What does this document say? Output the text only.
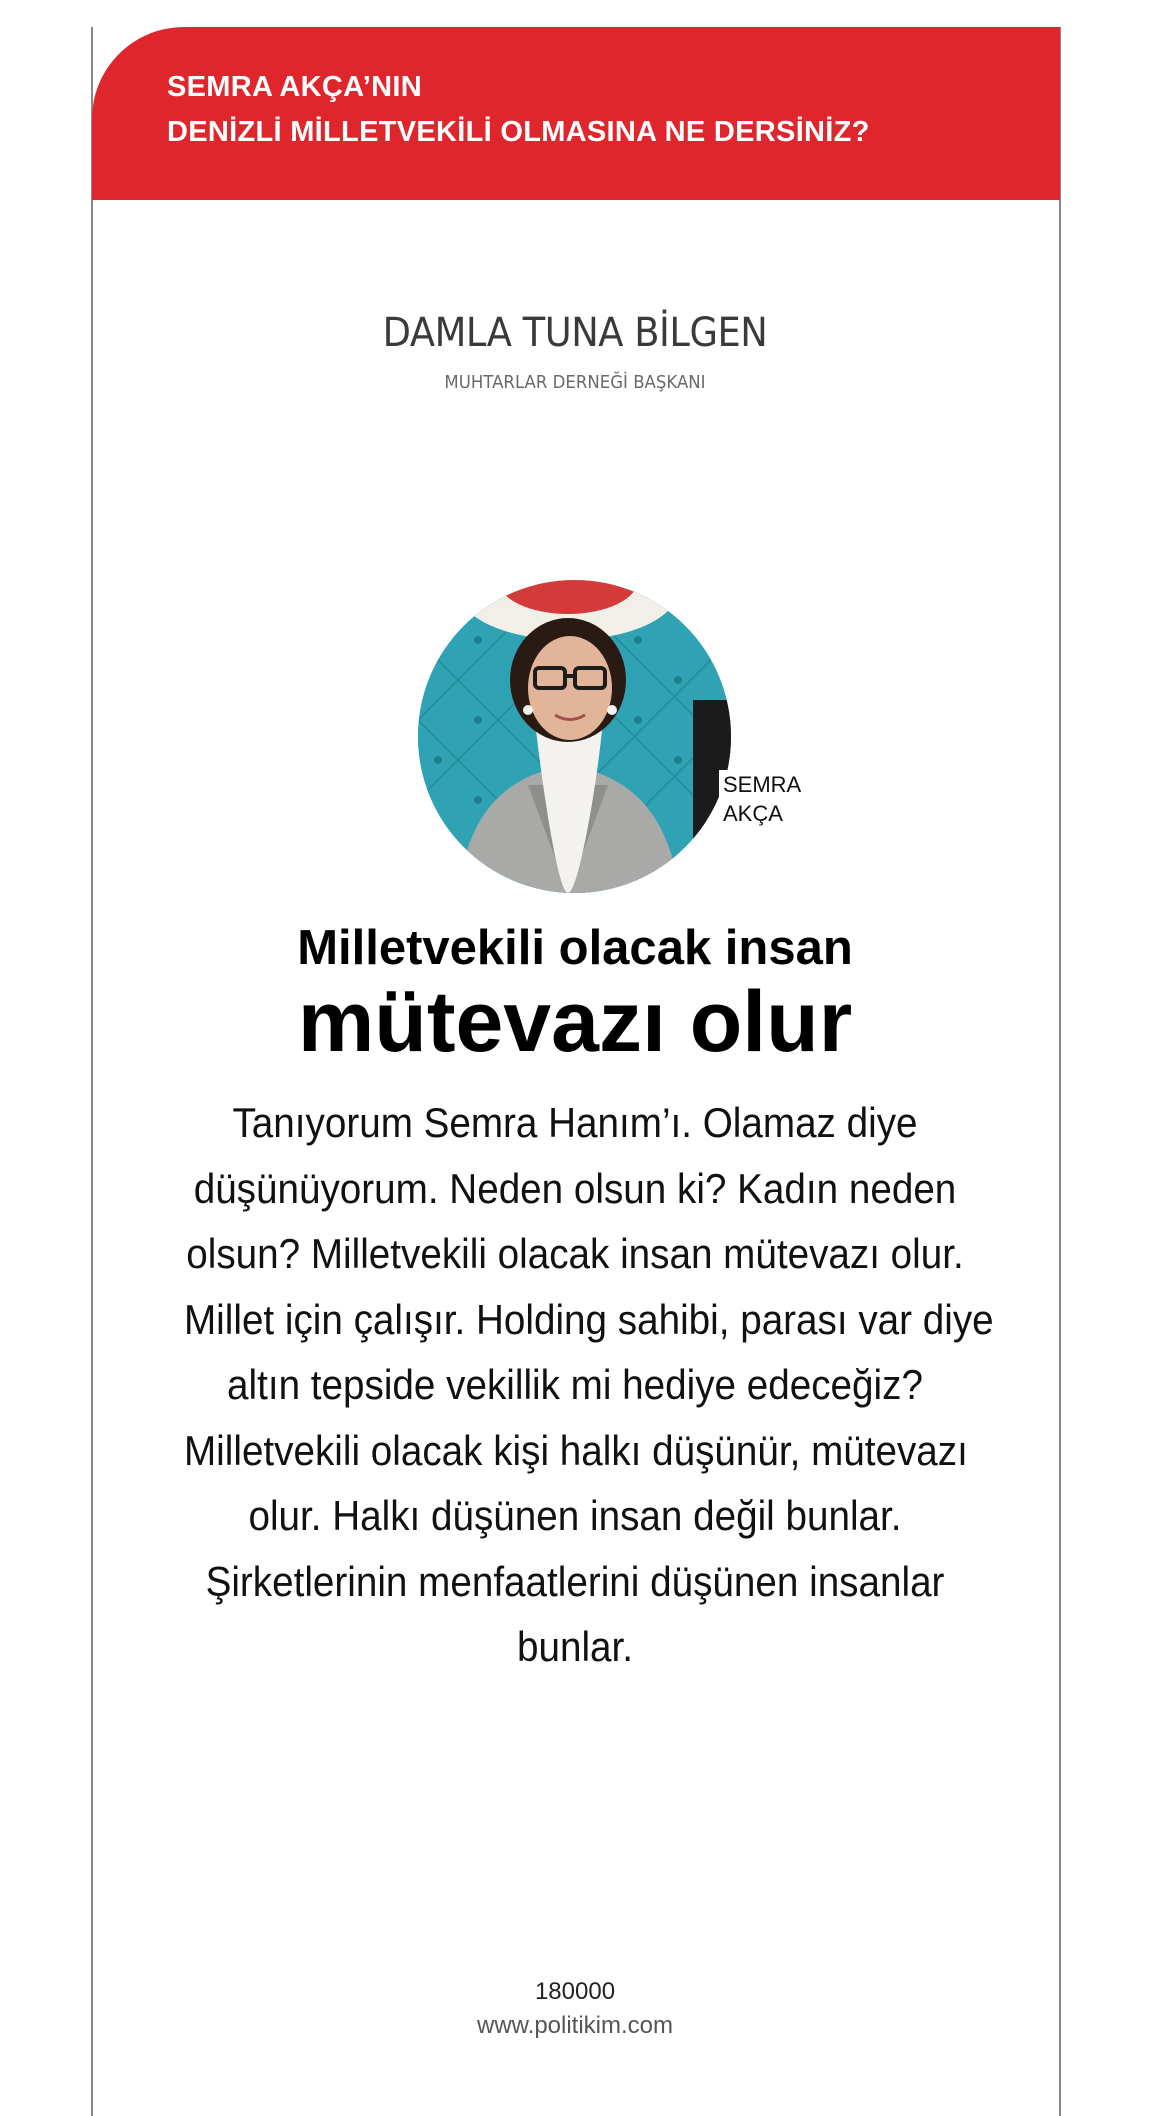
SEMRA AKÇA’NIN
DENİZLİ MİLLETVEKİLİ OLMASINA NE DERSİNİZ?
DAMLA TUNA BİLGEN
MUHTARLAR DERNEĞİ BAŞKANI
SEMRA
AKÇA
Milletvekili olacak insan
mütevazı olur
Tanıyorum Semra Hanım’ı. Olamaz diye
düşünüyorum. Neden olsun ki? Kadın neden
olsun? Milletvekili olacak insan mütevazı olur.
Millet için çalışır. Holding sahibi, parası var diye
altın tepside vekillik mi hediye edeceğiz?
Milletvekili olacak kişi halkı düşünür, mütevazı
olur. Halkı düşünen insan değil bunlar.
Şirketlerinin menfaatlerini düşünen insanlar
bunlar.
180000
www.politikim.com
